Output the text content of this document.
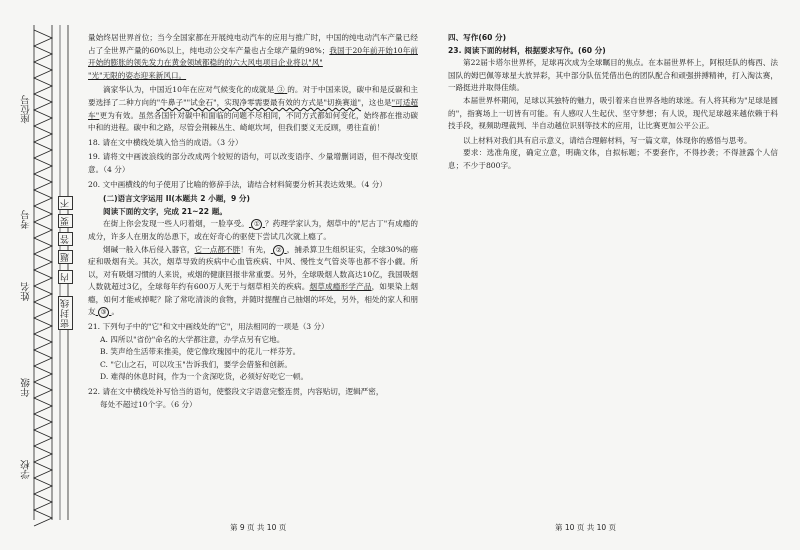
座位号
考号
姓名
年级
学校
不
要
答
题
内
密封线

量始终居世界首位；当今全国家都在开展纯电动汽车的应用与推广时，中国的纯电动汽车产量已经占了全世界产量的60%以上，纯电动公交车产量也占全球产量的98%；我国于20年前开始10年前开始的膨胀的领先发力在黄金领域都稳的的六大风电项目企业将以"风"
"光"无限的姿态迎来新风口。

滴家华认为，中国近10年在应对气候变化的成就是 ③ 的。对于中国来说，碳中和是反碳和主要选择了二种方向的"牛鼻子""试金石"，实现净零需要最有效的方式是"切换赛道"，这也是"可适超车"更为有效。虽然各国针对碳中和面临的问题不尽相同，不同方式都如何变化，始终都在推动碳中和的进程。碳中和之路，尽管会荆棘丛生、崎岖坎坷，但我们要义无反顾，勇往直前！

18. 请在文中横线处填入恰当的成语。（3 分）

19. 请将文中画波浪线的部分改成两个较短的语句，可以改变语序、少量增删词语，但不得改变原意。（4 分）

20. 文中画横线的句子使用了比喻的修辞手法，请结合材料简要分析其表达效果。（4 分）

(二)语言文字运用 II(本题共 2 小题，9 分)

阅读下面的文字，完成 21~22 题。

在街上你会发现一些人叼着烟，一脸享受。 ① ？药理学家认为，烟草中的"尼古丁"有成瘾的成分，许多人在朋友的怂恿下，或在好奇心的驱使下尝试几次就上瘾了。

烟碱一般入体后侵入器官，它一点都不胖！有先， ② ，捕杀算卫生组织证实，全球30%的癌症和吸烟有关。其次，烟草导致的疾病中心血管疾病、中风、慢性支气管炎等也都不容小觑。所以，对有吸烟习惯的人来说，戒烟的健康回报非常重要。另外，全球吸烟人数高达10亿，我国吸烟人数就超过3亿，全球每年约有600万人死于与烟草相关的疾病。烟草成瘾形学产品，如果染上烟瘾，如何才能戒掉呢？除了常吃清淡的食物，并随时提醒自己抽烟的坏处，另外，相处的家人和朋友 ③ 。

21. 下列句子中的"它"和文中画线处的"它"，用法相同的一项是（3 分）

A. 四所以"省份"命名的大学都注意，办学点另有它地。

B. 笑声给生活带来推美，使它像玫瑰园中的花儿一样芬芳。

C. "它山之石，可以攻玉"告诉我们，要学会借鉴和创新。

D. 难得的休息时间，作为一个贪深吃货，必须好好吃它一顿。

22. 请在文中横线处补写恰当的语句，使整段文字语意完整连贯，内容贴切，逻辑严密，

每处不超过10个字。（6 分）

四、写作(60 分)

23. 阅读下面的材料，根据要求写作。(60 分)

第22届卡塔尔世界杯，足球再次成为全球瞩目的焦点。在本届世界杯上，阿根廷队的梅西、法国队的姆巴佩等球星大放异彩，其中部分队伍凭借出色的团队配合和顽强拼搏精神，打入淘汰赛，一路挺进并取得佳绩。

本届世界杯期间，足球以其独特的魅力，吸引着来自世界各地的球迷。有人将其称为"足球是圆的"，指赛场上一切皆有可能。有人感叹人生起伏、坚守梦想；有人说，现代足球越来越依赖于科技手段，视频助理裁判、半自动越位识别等技术的应用，让比赛更加公平公正。

以上材料对我们具有启示意义，请结合理解材料，写一篇文章，体现你的感悟与思考。

要求：选准角度，确定立意，明确文体，自拟标题；不要套作，不得抄袭；不得泄露个人信息；不少于800字。

第 9 页 共 10 页	第 10 页 共 10 页
